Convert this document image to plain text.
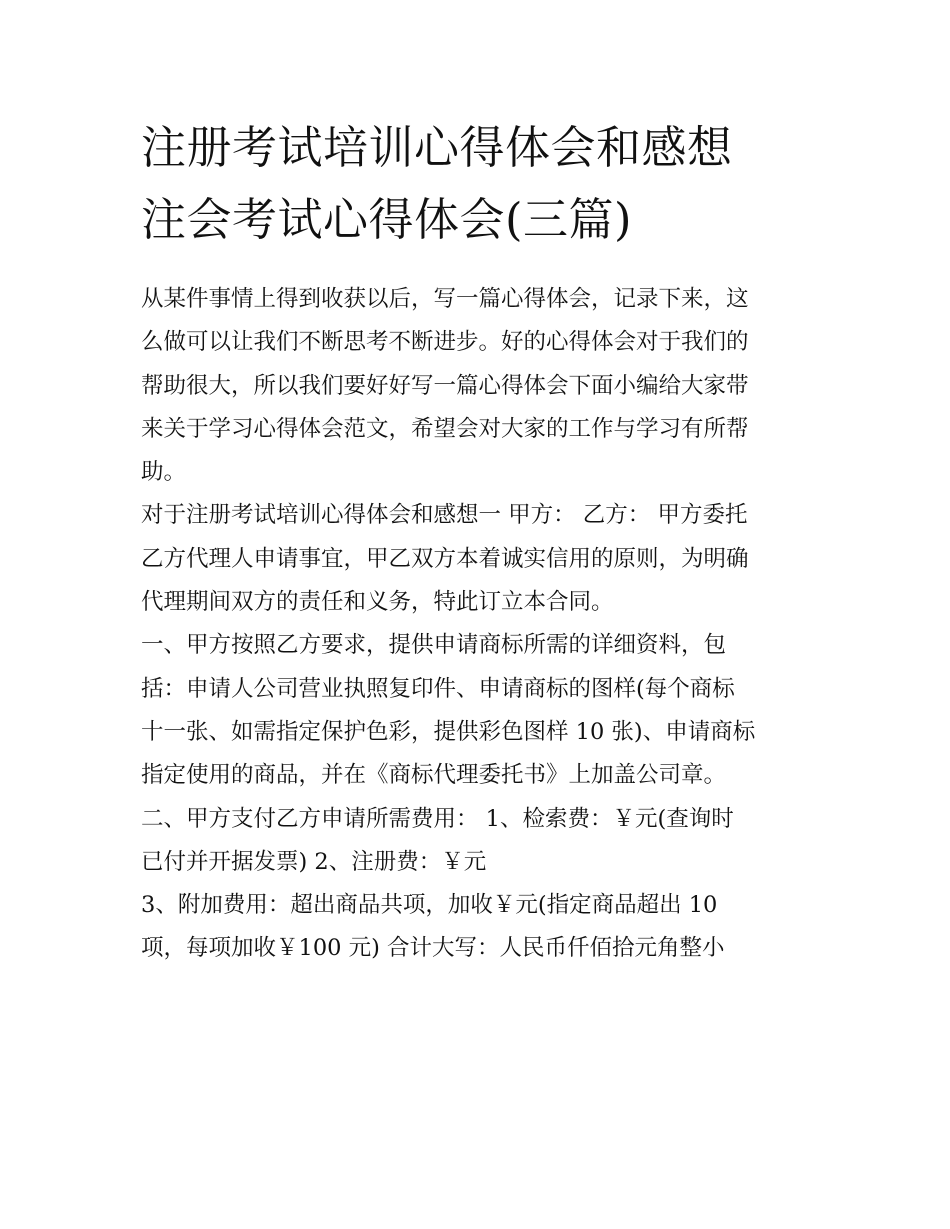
注册考试培训心得体会和感想
注会考试心得体会(三篇)

从某件事情上得到收获以后，写一篇心得体会，记录下来，这
么做可以让我们不断思考不断进步。好的心得体会对于我们的
帮助很大，所以我们要好好写一篇心得体会下面小编给大家带
来关于学习心得体会范文，希望会对大家的工作与学习有所帮
助。

对于注册考试培训心得体会和感想一 甲方： 乙方： 甲方委托
乙方代理人申请事宜，甲乙双方本着诚实信用的原则，为明确
代理期间双方的责任和义务，特此订立本合同。

一、甲方按照乙方要求，提供申请商标所需的详细资料，包
括：申请人公司营业执照复印件、申请商标的图样(每个商标
十一张、如需指定保护色彩，提供彩色图样 10 张)、申请商标
指定使用的商品，并在《商标代理委托书》上加盖公司章。

二、甲方支付乙方申请所需费用： 1、检索费：￥元(查询时
已付并开据发票) 2、注册费：￥元

3、附加费用：超出商品共项，加收￥元(指定商品超出 10
项，每项加收￥100 元) 合计大写：人民币仟佰拾元角整小
